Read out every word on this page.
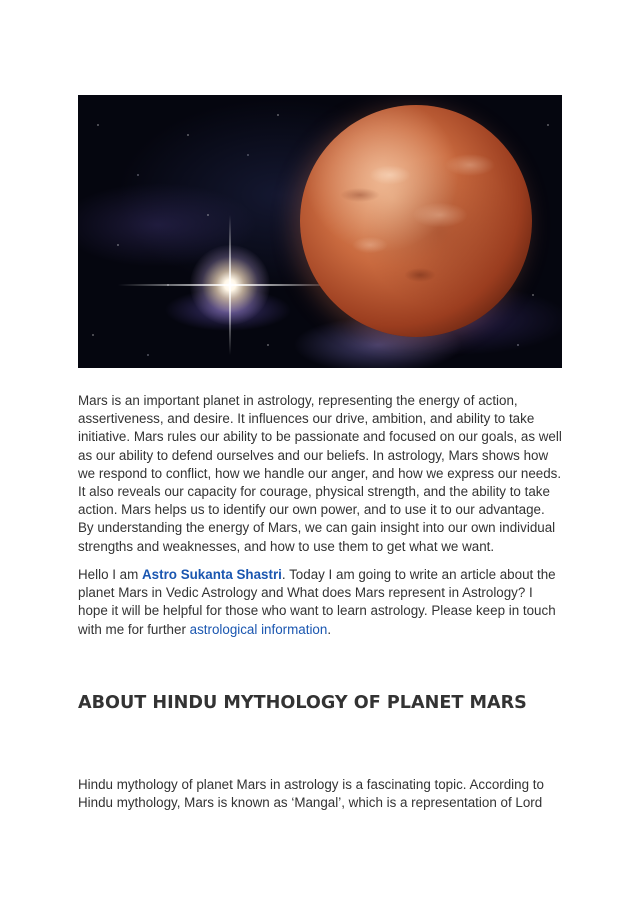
Mars is an important planet in astrology, representing the energy of action, assertiveness, and desire. It influences our drive, ambition, and ability to take initiative. Mars rules our ability to be passionate and focused on our goals, as well as our ability to defend ourselves and our beliefs. In astrology, Mars shows how we respond to conflict, how we handle our anger, and how we express our needs. It also reveals our capacity for courage, physical strength, and the ability to take action. Mars helps us to identify our own power, and to use it to our advantage. By understanding the energy of Mars, we can gain insight into our own individual strengths and weaknesses, and how to use them to get what we want.

Hello I am Astro Sukanta Shastri. Today I am going to write an article about the planet Mars in Vedic Astrology and What does Mars represent in Astrology? I hope it will be helpful for those who want to learn astrology. Please keep in touch with me for further astrological information.

ABOUT HINDU MYTHOLOGY OF PLANET MARS

Hindu mythology of planet Mars in astrology is a fascinating topic. According to Hindu mythology, Mars is known as ‘Mangal’, which is a representation of Lord
